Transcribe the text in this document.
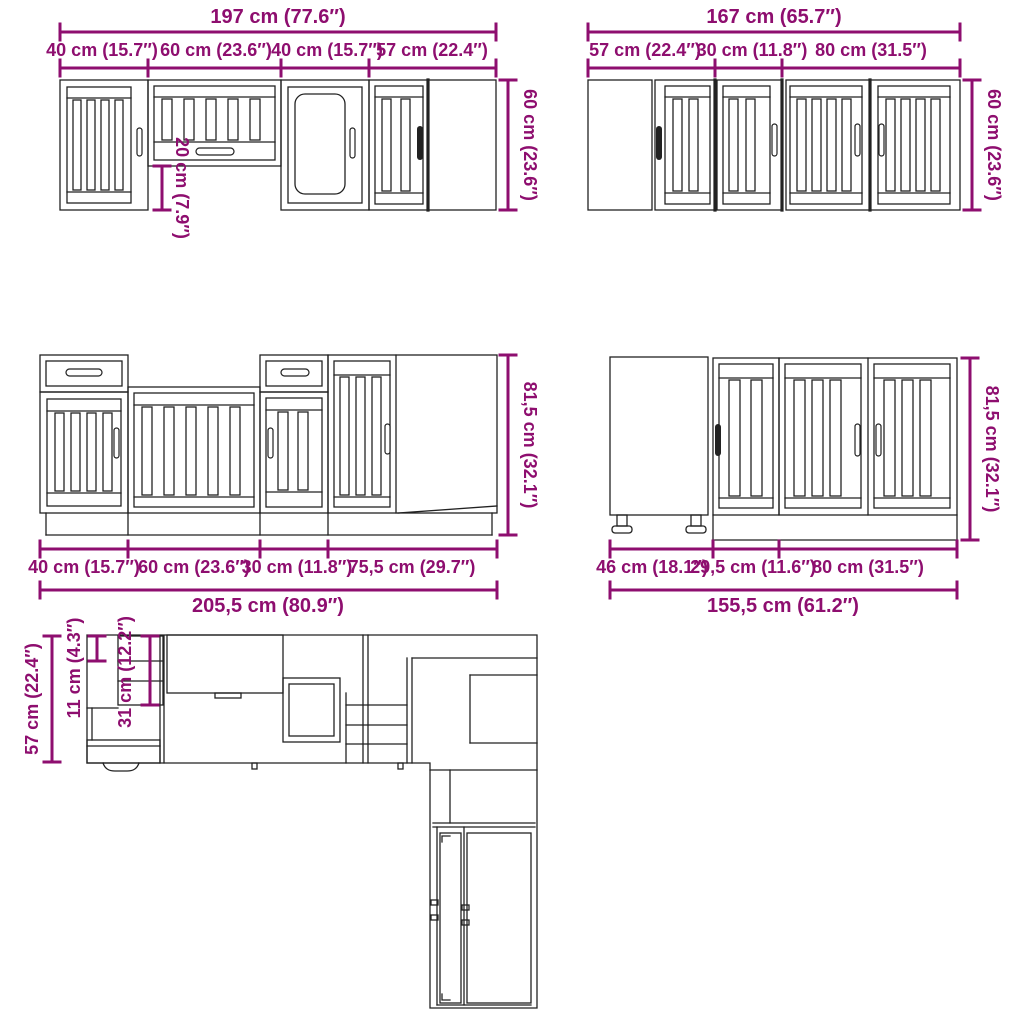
197 cm (77.6″)
40 cm (15.7″) 60 cm (23.6″) 40 cm (15.7″)
57 cm (22.4″)
20 cm (7.9″)	60 cm (23.6″)
167 cm (65.7″)
57 cm (22.4″)
30 cm (11.8″) 80 cm (31.5″)
60 cm (23.6″)
81,5 cm (32.1″)
40 cm (15.7″)
60 cm (23.6″)
30 cm (11.8″)
75,5 cm (29.7″)
205,5 cm (80.9″)
81,5 cm (32.1″)
46 cm (18.1″)
29,5 cm (11.6″)
80 cm (31.5″)
155,5 cm (61.2″)
57 cm (22.4″) 11 cm (4.3″) 31 cm (12.2″)
